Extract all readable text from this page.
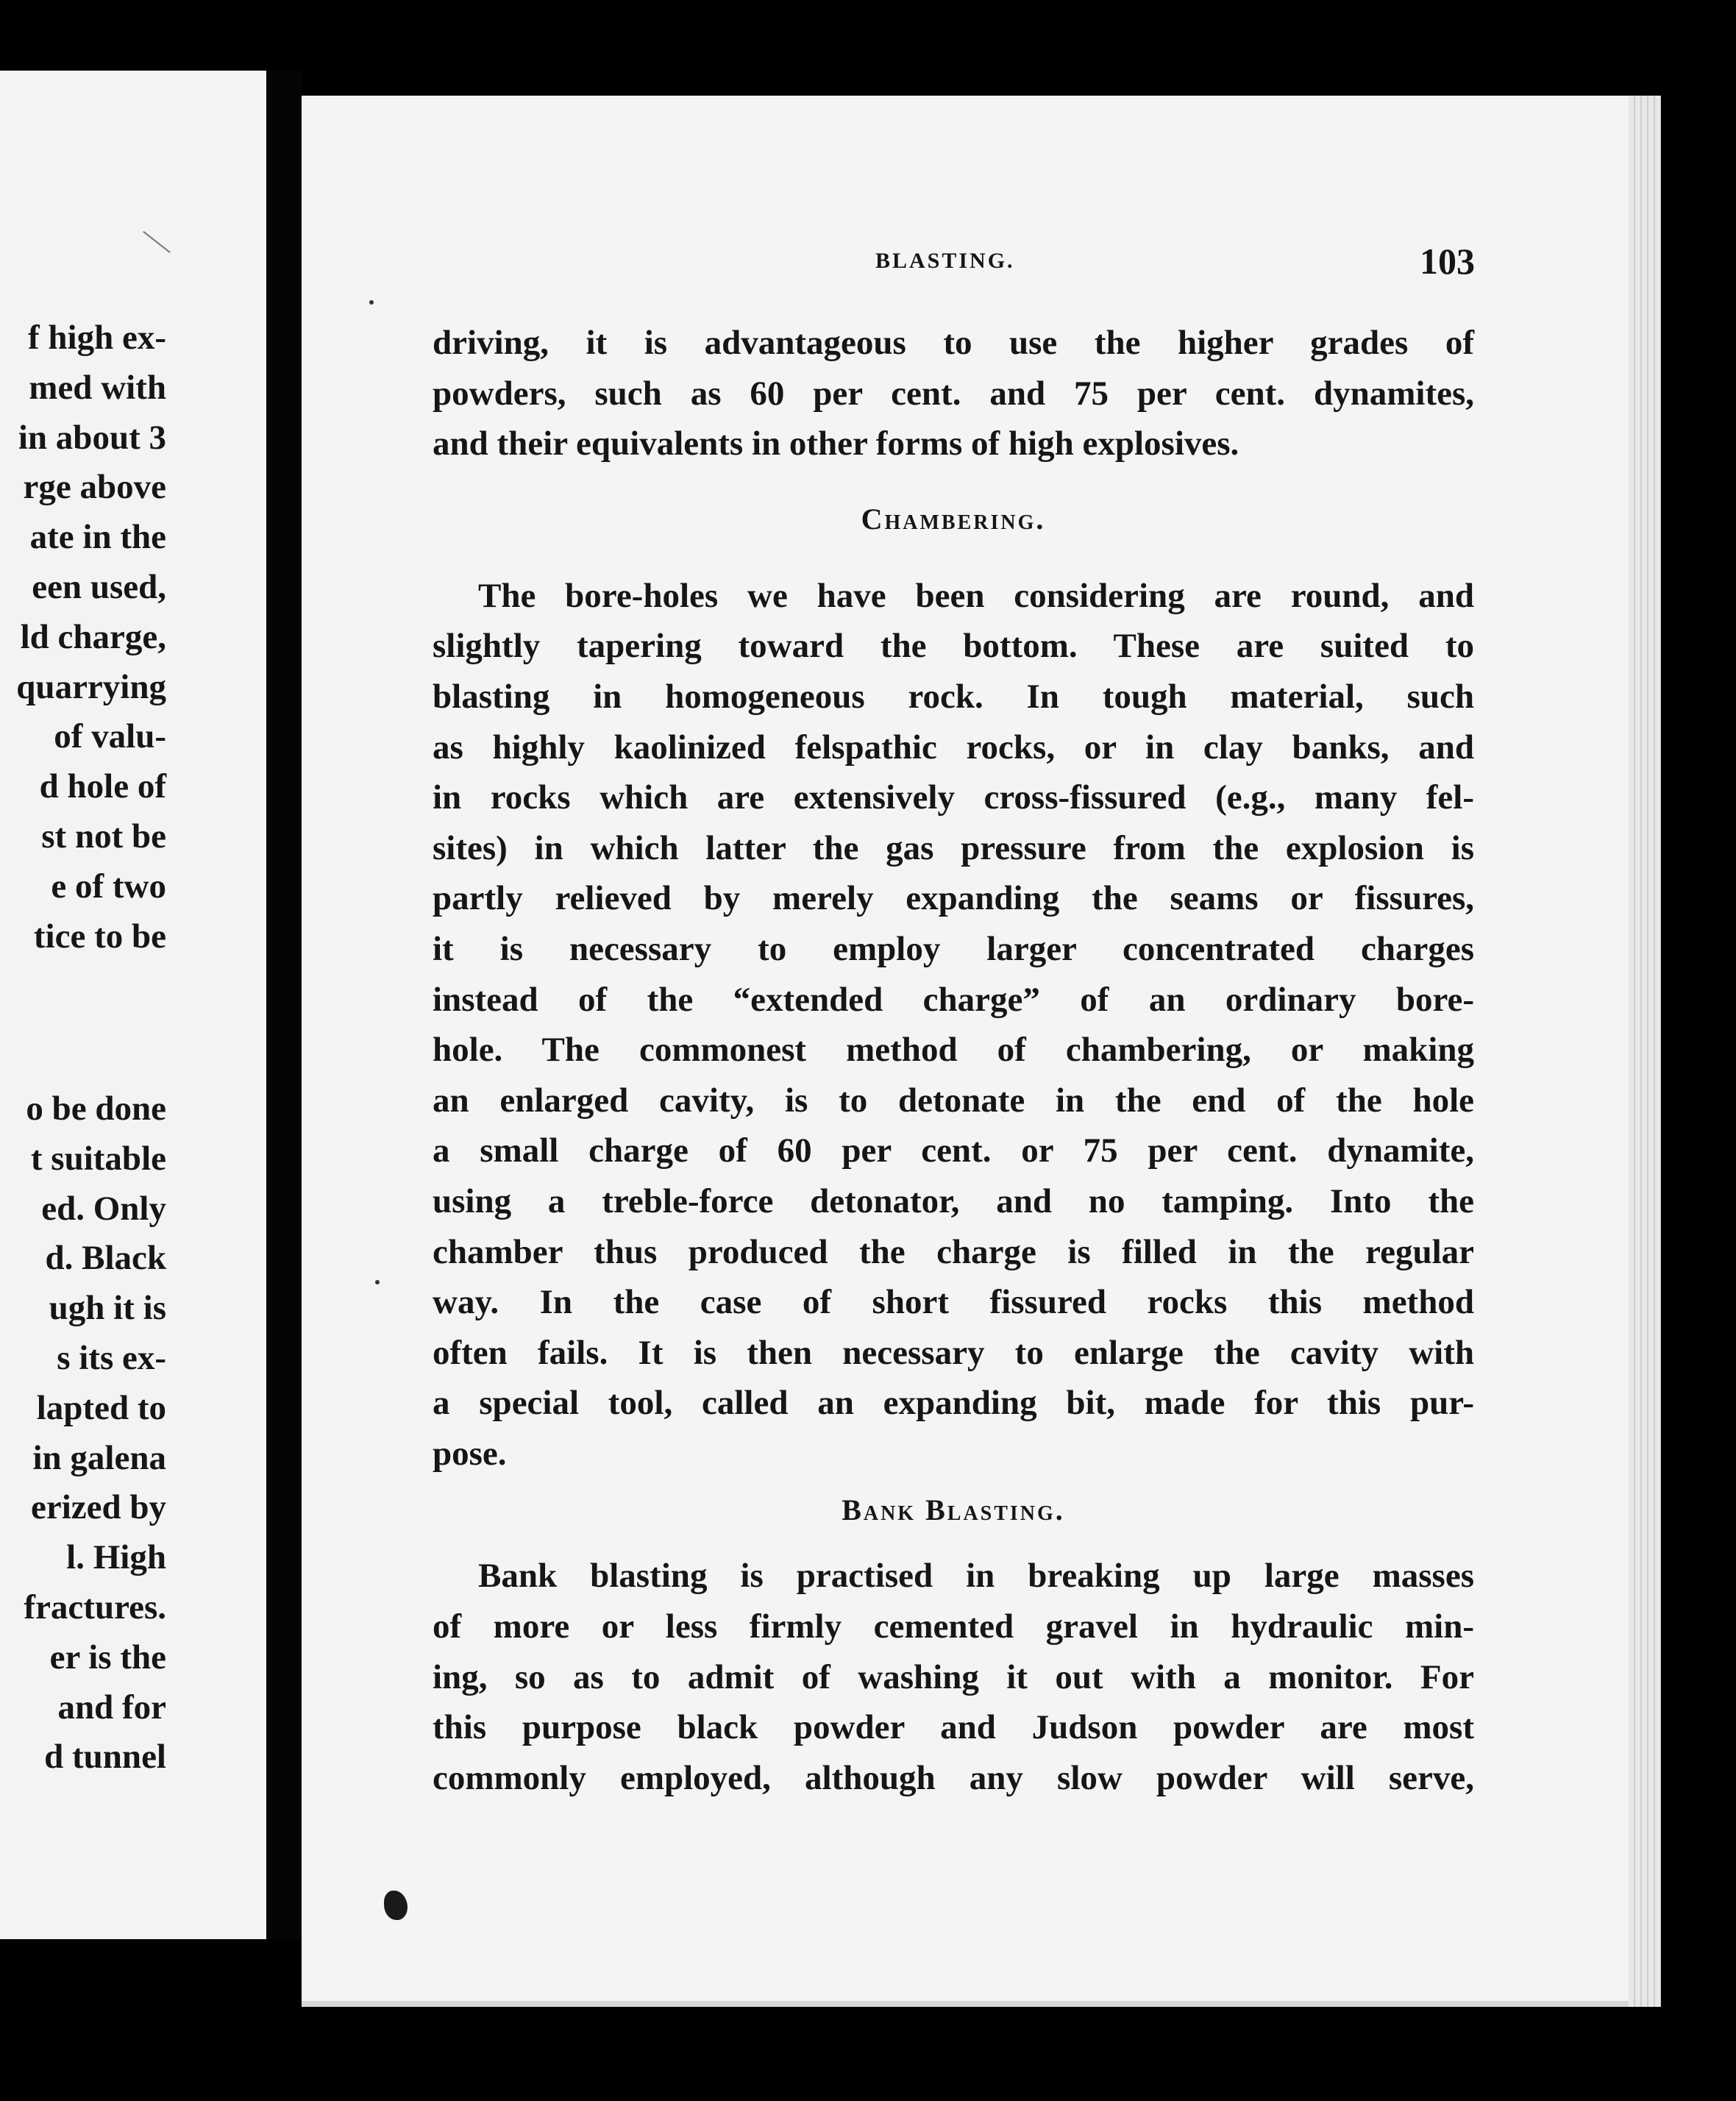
f high ex-
med with
in about 3
rge above
ate in the
een used,
ld charge,
quarrying
of valu-
d hole of
st not be
e of two
tice to be
o be done
t suitable
ed. Only
d. Black
ugh it is
s its ex-
lapted to
in galena
erized by
l. High
fractures.
er is the
and for
d tunnel
BLASTING.	103
driving, it is advantageous to use the higher grades of
powders, such as 60 per cent. and 75 per cent. dynamites,
and their equivalents in other forms of high explosives.
Chambering.
The bore-holes we have been considering are round, and
slightly tapering toward the bottom. These are suited to
blasting in homogeneous rock. In tough material, such
as highly kaolinized felspathic rocks, or in clay banks, and
in rocks which are extensively cross-fissured (e.g., many fel-
sites) in which latter the gas pressure from the explosion is
partly relieved by merely expanding the seams or fissures,
it is necessary to employ larger concentrated charges
instead of the “extended charge” of an ordinary bore-
hole. The commonest method of chambering, or making
an enlarged cavity, is to detonate in the end of the hole
a small charge of 60 per cent. or 75 per cent. dynamite,
using a treble-force detonator, and no tamping. Into the
chamber thus produced the charge is filled in the regular
way. In the case of short fissured rocks this method
often fails. It is then necessary to enlarge the cavity with
a special tool, called an expanding bit, made for this pur-
pose.
Bank Blasting.
Bank blasting is practised in breaking up large masses
of more or less firmly cemented gravel in hydraulic min-
ing, so as to admit of washing it out with a monitor. For
this purpose black powder and Judson powder are most
commonly employed, although any slow powder will serve,
